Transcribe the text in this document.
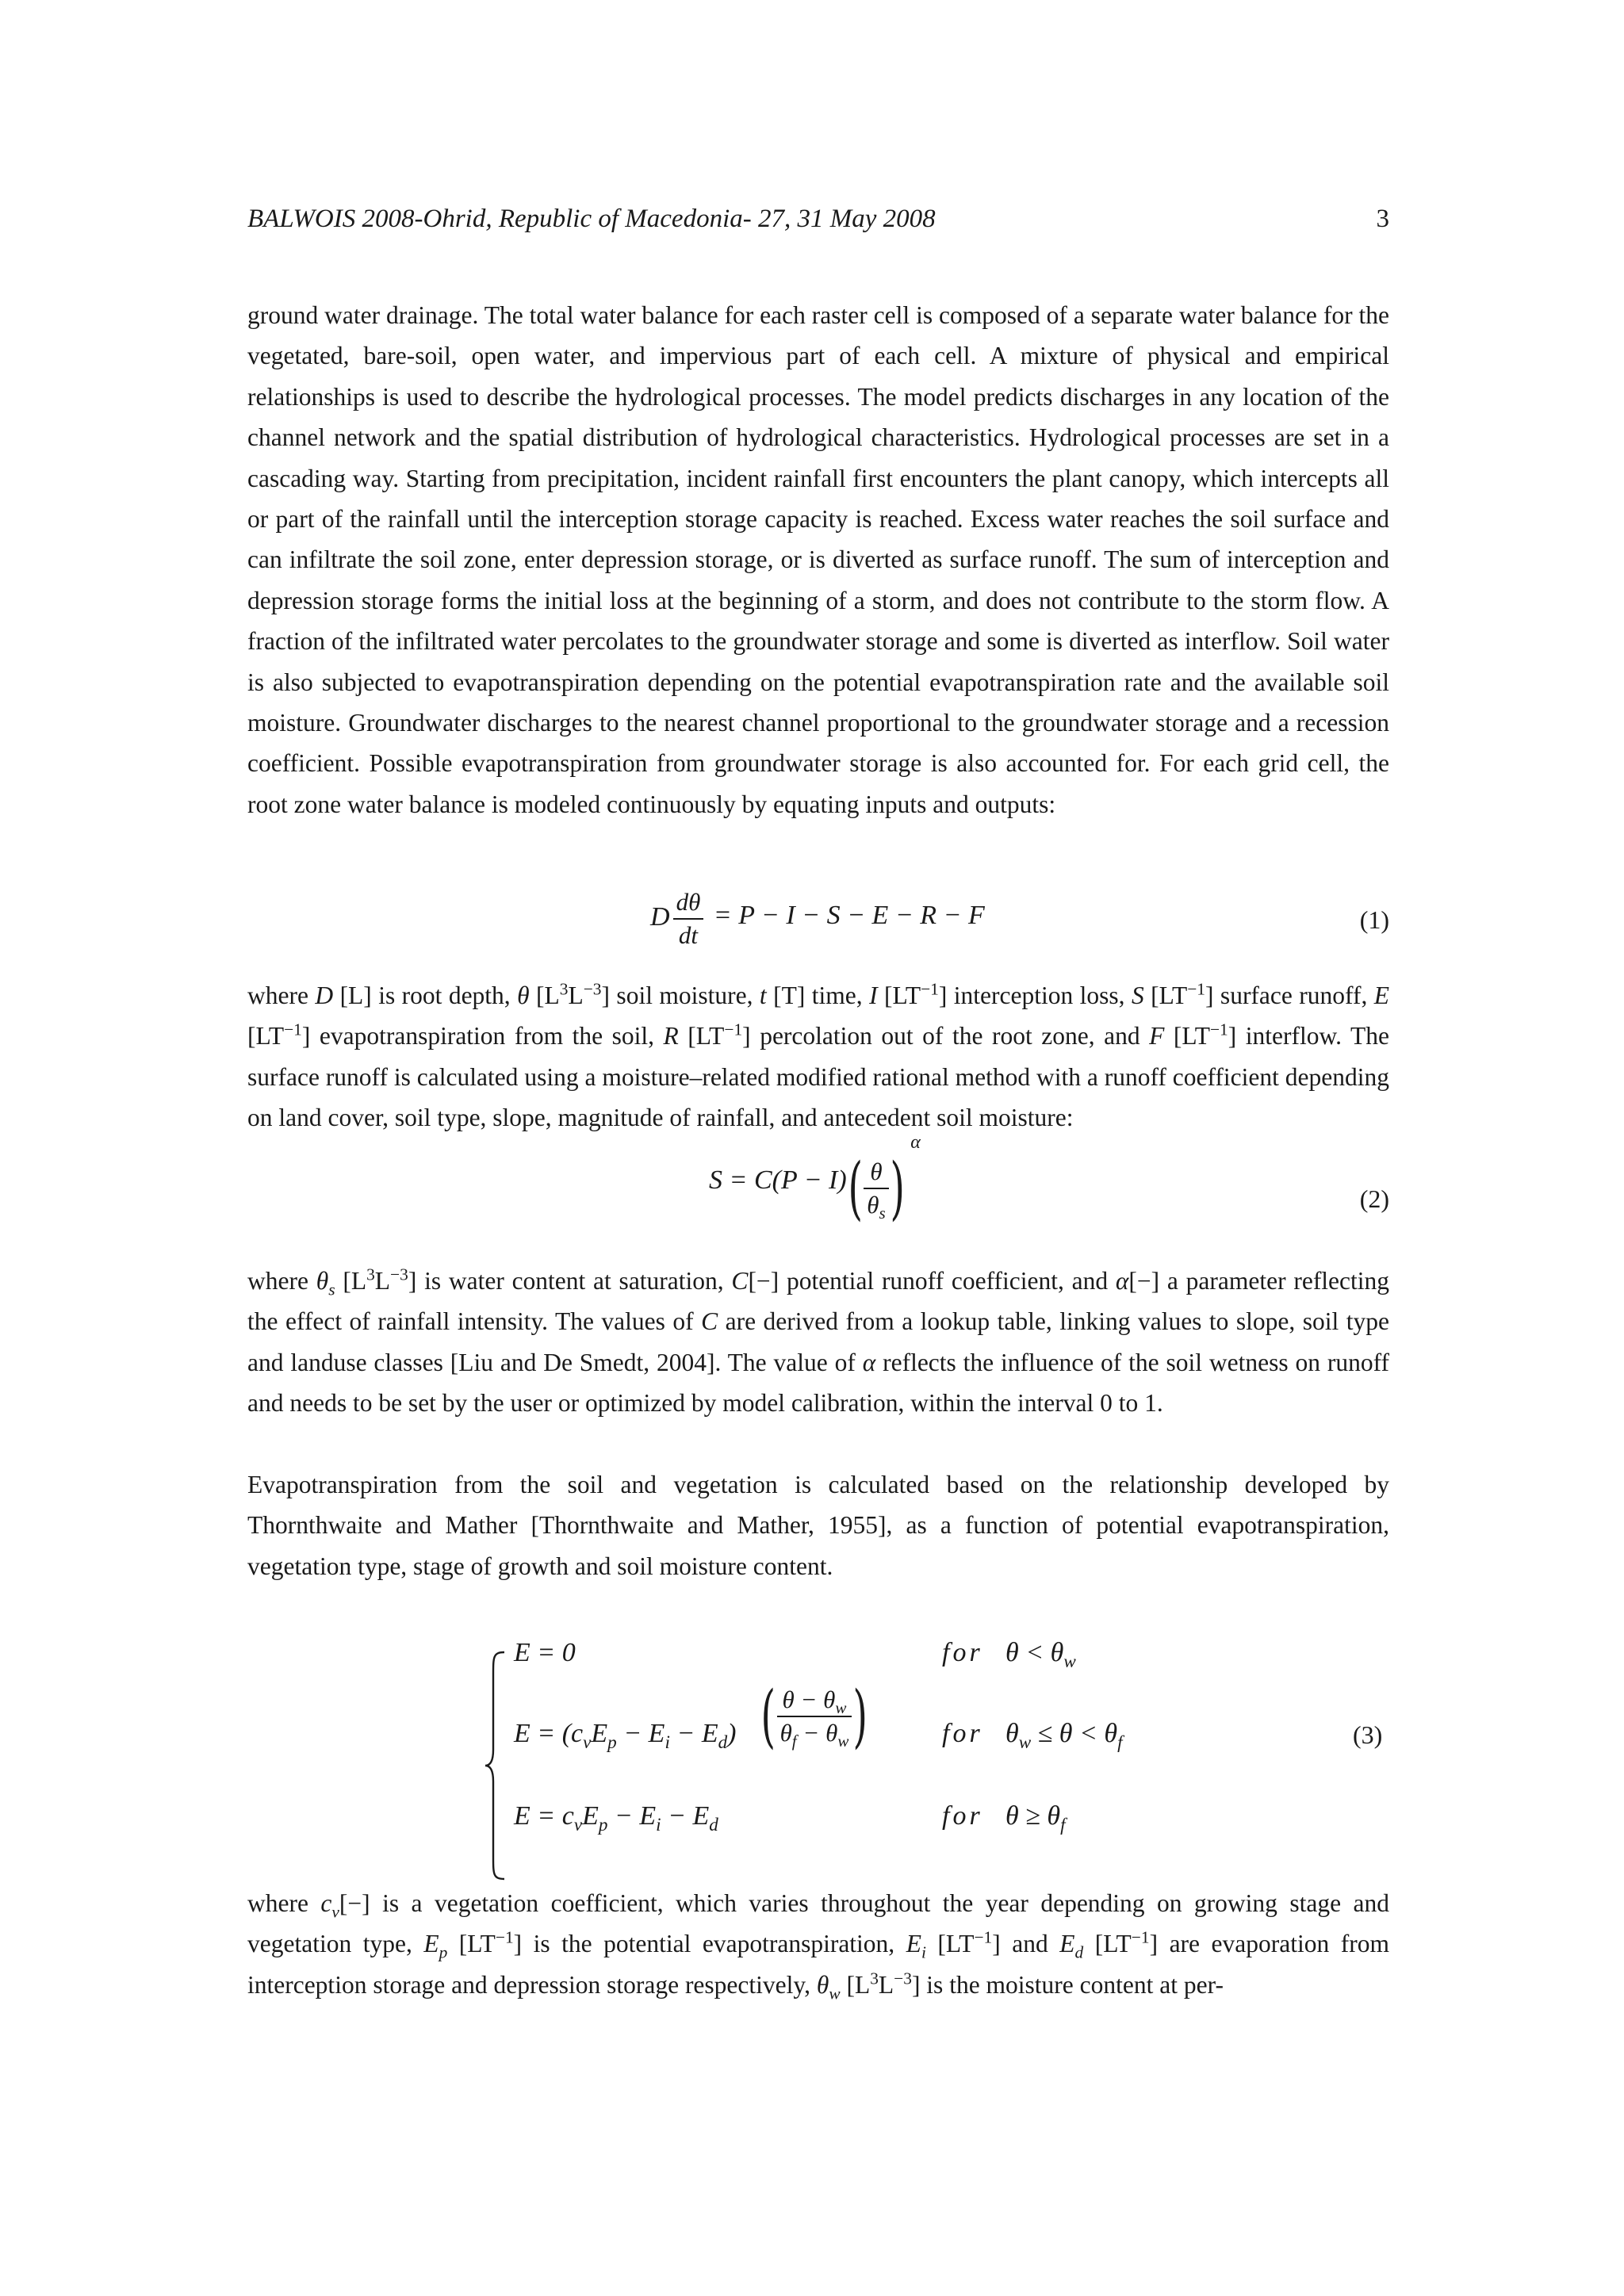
BALWOIS 2008-Ohrid, Republic of Macedonia- 27, 31 May 2008	3

ground water drainage. The total water balance for each raster cell is composed of a separate water balance for the vegetated, bare-soil, open water, and impervious part of each cell. A mixture of physical and empirical relationships is used to describe the hydrological processes. The model predicts discharges in any location of the channel network and the spatial distribution of hydrological characteristics. Hydrological processes are set in a cascading way. Starting from precipitation, incident rainfall first encounters the plant canopy, which intercepts all or part of the rainfall until the interception storage capacity is reached. Excess water reaches the soil surface and can infiltrate the soil zone, enter depression storage, or is diverted as surface runoff. The sum of interception and depression storage forms the initial loss at the beginning of a storm, and does not contribute to the storm flow. A fraction of the infiltrated water percolates to the groundwater storage and some is diverted as interflow. Soil water is also subjected to evapotranspiration depending on the potential evapotranspiration rate and the available soil moisture. Groundwater discharges to the nearest channel proportional to the groundwater storage and a recession coefficient. Possible evapotranspiration from groundwater storage is also accounted for. For each grid cell, the root zone water balance is modeled continuously by equating inputs and outputs:

D $\frac{d\theta}{dt} = P - I - S - E - R - F$	(1)

where D [L] is root depth, θ $[L^3L^{-3}]$ soil moisture, t [T] time, I $[LT^{-1}]$ interception loss, S $[LT^{-1}]$ surface runoff, E $[LT^{-1}]$ evapotranspiration from the soil, R $[LT^{-1}]$ percolation out of the root zone, and F $[LT^{-1}]$ interflow. The surface runoff is calculated using a moisture–related modified rational method with a runoff coefficient depending on land cover, soil type, slope, magnitude of rainfall, and antecedent soil moisture:

$S = C(P - I)( \frac{\theta}{\theta_s} )^\alpha$
(2)

where $\theta_s$ $[L^3L^{-3}]$ is water content at saturation, C[−] potential runoff coefficient, and α[−] a parameter reflecting the effect of rainfall intensity. The values of C are derived from a lookup table, linking values to slope, soil type and landuse classes [Liu and De Smedt, 2004]. The value of α reflects the influence of the soil wetness on runoff and needs to be set by the user or optimized by model calibration, within the interval 0 to 1.

Evapotranspiration from the soil and vegetation is calculated based on the relationship developed by Thornthwaite and Mather [Thornthwaite and Mather, 1955], as a function of potential evapotranspiration, vegetation type, stage of growth and soil moisture content.

E = 0	for $\theta < \theta_w$
$E = (c_vE_p - E_i - E_d)$ ( $\frac{\theta - \theta_w}{\theta_f - \theta_w}$ )	for $\theta_w \le \theta < \theta_f$
$E = c_vE_p - E_i - E_d$	for $\theta \ge \theta_f$
(3)

where $c_v[-]$ is a vegetation coefficient, which varies throughout the year depending on growing stage and vegetation type, $E_p$ $[LT^{-1}]$ is the potential evapotranspiration, $E_i$ $[LT^{-1}]$ and $E_d$ $[LT^{-1}]$ are evaporation from interception storage and depression storage respectively, $\theta_w$ $[L^3L^{-3}]$ is the moisture content at per-
